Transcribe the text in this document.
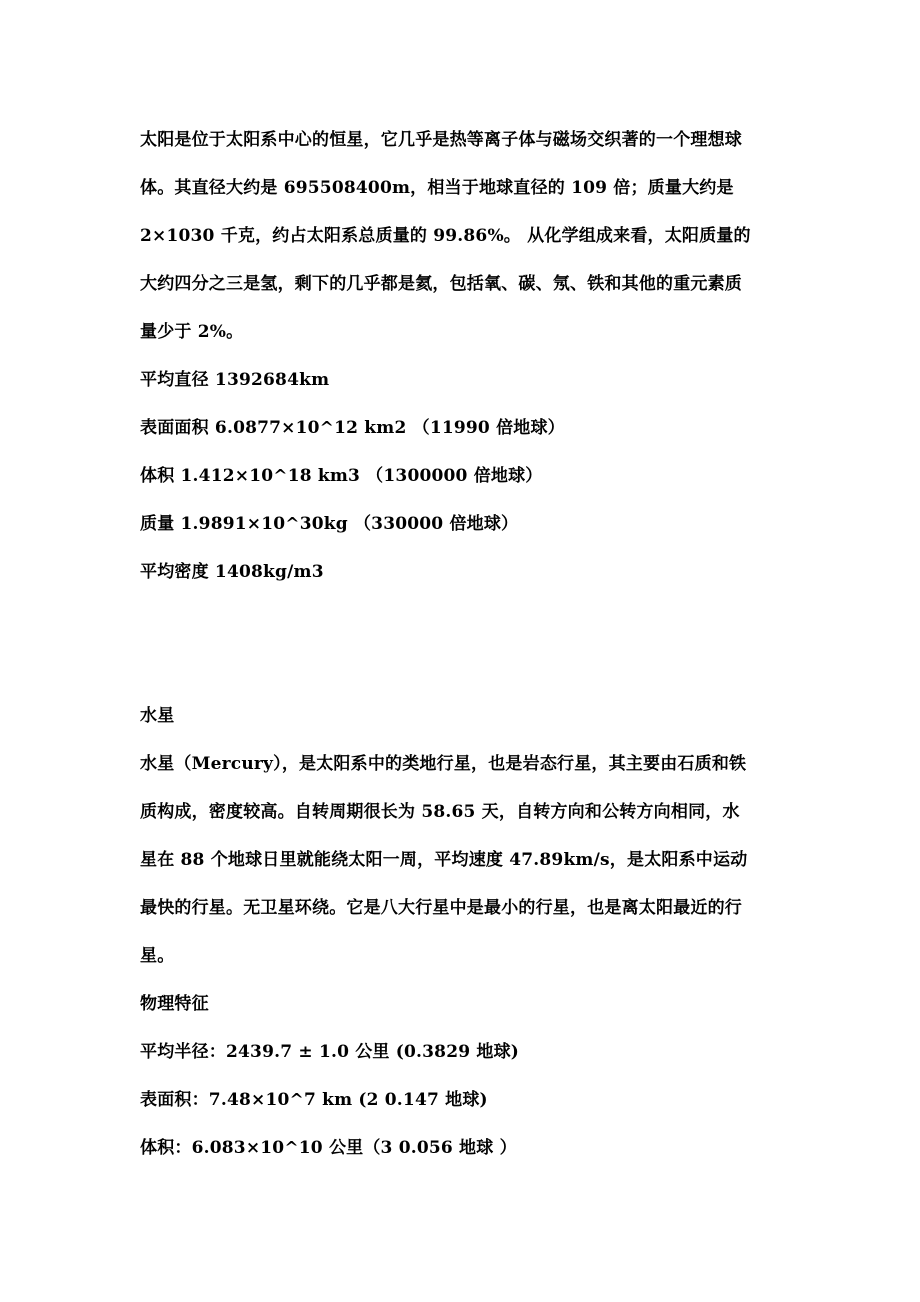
太阳是位于太阳系中心的恒星，它几乎是热等离子体与磁场交织著的一个理想球
体。其直径大约是 695508400m，相当于地球直径的 109 倍；质量大约是
2×1030 千克，约占太阳系总质量的 99.86%。 从化学组成来看，太阳质量的
大约四分之三是氢，剩下的几乎都是氦，包括氧、碳、氖、铁和其他的重元素质
量少于 2%。
平均直径 1392684km
表面面积 6.0877×10^12 km2 （11990 倍地球）
体积 1.412×10^18 km3 （1300000 倍地球）
质量 1.9891×10^30kg （330000 倍地球）
平均密度 1408kg/m3
水星
水星（Mercury），是太阳系中的类地行星，也是岩态行星，其主要由石质和铁
质构成，密度较高。自转周期很长为 58.65 天，自转方向和公转方向相同，水
星在 88 个地球日里就能绕太阳一周，平均速度 47.89km/s，是太阳系中运动
最快的行星。无卫星环绕。它是八大行星中是最小的行星，也是离太阳最近的行
星。
物理特征
平均半径：2439.7 ± 1.0 公里 (0.3829 地球)
表面积：7.48×10^7 km (2 0.147 地球)
体积：6.083×10^10 公里（3 0.056 地球 ）
